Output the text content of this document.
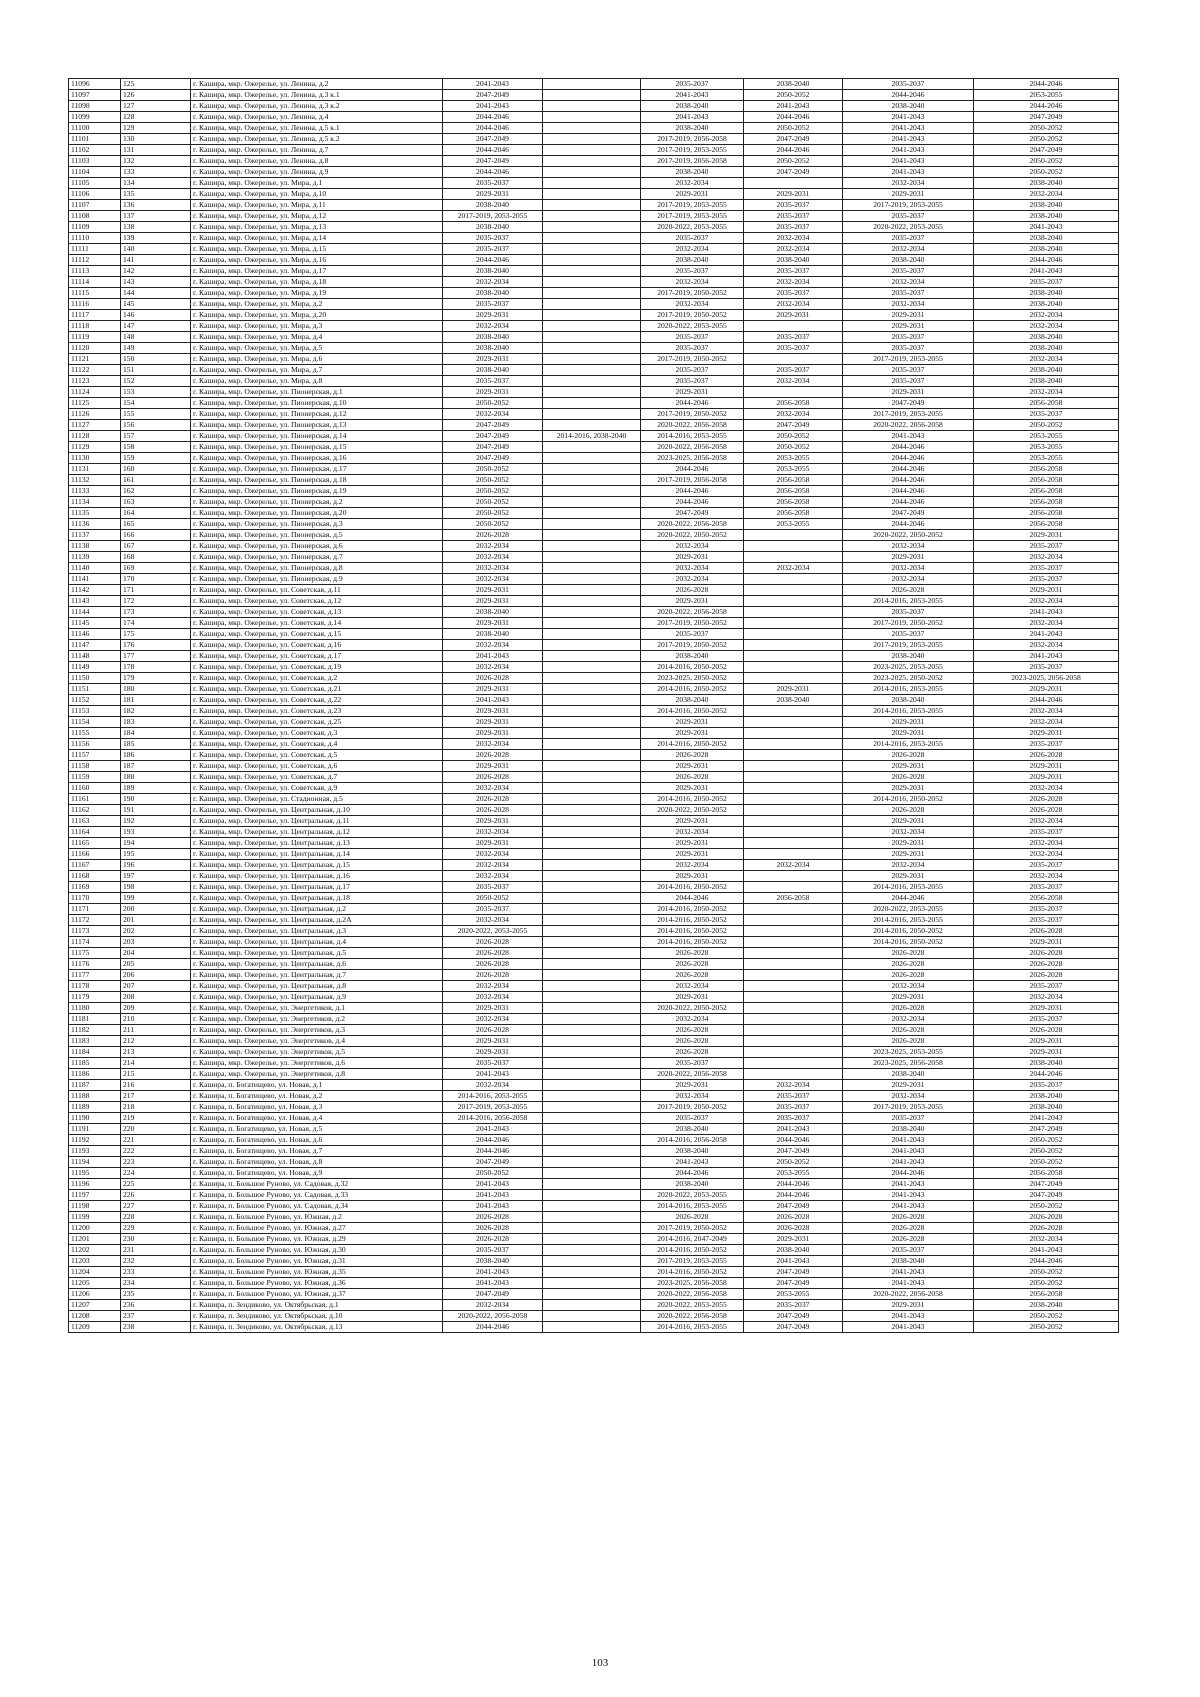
11096	125	г. Кашира, мкр. Ожерелье, ул. Ленина, д.2	2041-2043		2035-2037	2038-2040	2035-2037	2044-2046
11097	126	г. Кашира, мкр. Ожерелье, ул. Ленина, д.3 к.1	2047-2049		2041-2043	2050-2052	2044-2046	2053-2055
11098	127	г. Кашира, мкр. Ожерелье, ул. Ленина, д.3 к.2	2041-2043		2038-2040	2041-2043	2038-2040	2044-2046
11099	128	г. Кашира, мкр. Ожерелье, ул. Ленина, д.4	2044-2046		2041-2043	2044-2046	2041-2043	2047-2049
11100	129	г. Кашира, мкр. Ожерелье, ул. Ленина, д.5 к.1	2044-2046		2038-2040	2050-2052	2041-2043	2050-2052
11101	130	г. Кашира, мкр. Ожерелье, ул. Ленина, д.5 к.2	2047-2049		2017-2019, 2056-2058	2047-2049	2041-2043	2050-2052
11102	131	г. Кашира, мкр. Ожерелье, ул. Ленина, д.7	2044-2046		2017-2019, 2053-2055	2044-2046	2041-2043	2047-2049
11103	132	г. Кашира, мкр. Ожерелье, ул. Ленина, д.8	2047-2049		2017-2019, 2056-2058	2050-2052	2041-2043	2050-2052
11104	133	г. Кашира, мкр. Ожерелье, ул. Ленина, д.9	2044-2046		2038-2040	2047-2049	2041-2043	2050-2052
11105	134	г. Кашира, мкр. Ожерелье, ул. Мира, д.1	2035-2037		2032-2034		2032-2034	2038-2040
11106	135	г. Кашира, мкр. Ожерелье, ул. Мира, д.10	2029-2031		2029-2031	2029-2031	2029-2031	2032-2034
11107	136	г. Кашира, мкр. Ожерелье, ул. Мира, д.11	2038-2040		2017-2019, 2053-2055	2035-2037	2017-2019, 2053-2055	2038-2040
11108	137	г. Кашира, мкр. Ожерелье, ул. Мира, д.12	2017-2019, 2053-2055		2017-2019, 2053-2055	2035-2037	2035-2037	2038-2040
11109	138	г. Кашира, мкр. Ожерелье, ул. Мира, д.13	2038-2040		2020-2022, 2053-2055	2035-2037	2020-2022, 2053-2055	2041-2043
11110	139	г. Кашира, мкр. Ожерелье, ул. Мира, д.14	2035-2037		2035-2037	2032-2034	2035-2037	2038-2040
11111	140	г. Кашира, мкр. Ожерелье, ул. Мира, д.15	2035-2037		2032-2034	2032-2034	2032-2034	2038-2040
11112	141	г. Кашира, мкр. Ожерелье, ул. Мира, д.16	2044-2046		2038-2040	2038-2040	2038-2040	2044-2046
11113	142	г. Кашира, мкр. Ожерелье, ул. Мира, д.17	2038-2040		2035-2037	2035-2037	2035-2037	2041-2043
11114	143	г. Кашира, мкр. Ожерелье, ул. Мира, д.18	2032-2034		2032-2034	2032-2034	2032-2034	2035-2037
11115	144	г. Кашира, мкр. Ожерелье, ул. Мира, д.19	2038-2040		2017-2019, 2050-2052	2035-2037	2035-2037	2038-2040
11116	145	г. Кашира, мкр. Ожерелье, ул. Мира, д.2	2035-2037		2032-2034	2032-2034	2032-2034	2038-2040
11117	146	г. Кашира, мкр. Ожерелье, ул. Мира, д.20	2029-2031		2017-2019, 2050-2052	2029-2031	2029-2031	2032-2034
11118	147	г. Кашира, мкр. Ожерелье, ул. Мира, д.3	2032-2034		2020-2022, 2053-2055		2029-2031	2032-2034
11119	148	г. Кашира, мкр. Ожерелье, ул. Мира, д.4	2038-2040		2035-2037	2035-2037	2035-2037	2038-2040
11120	149	г. Кашира, мкр. Ожерелье, ул. Мира, д.5	2038-2040		2035-2037	2035-2037	2035-2037	2038-2040
11121	150	г. Кашира, мкр. Ожерелье, ул. Мира, д.6	2029-2031		2017-2019, 2050-2052		2017-2019, 2053-2055	2032-2034
11122	151	г. Кашира, мкр. Ожерелье, ул. Мира, д.7	2038-2040		2035-2037	2035-2037	2035-2037	2038-2040
11123	152	г. Кашира, мкр. Ожерелье, ул. Мира, д.8	2035-2037		2035-2037	2032-2034	2035-2037	2038-2040
11124	153	г. Кашира, мкр. Ожерелье, ул. Пионерская, д.1	2029-2031		2029-2031		2029-2031	2032-2034
11125	154	г. Кашира, мкр. Ожерелье, ул. Пионерская, д.10	2050-2052		2044-2046	2056-2058	2047-2049	2056-2058
11126	155	г. Кашира, мкр. Ожерелье, ул. Пионерская, д.12	2032-2034		2017-2019, 2050-2052	2032-2034	2017-2019, 2053-2055	2035-2037
11127	156	г. Кашира, мкр. Ожерелье, ул. Пионерская, д.13	2047-2049		2020-2022, 2056-2058	2047-2049	2020-2022, 2056-2058	2050-2052
11128	157	г. Кашира, мкр. Ожерелье, ул. Пионерская, д.14	2047-2049	2014-2016, 2038-2040	2014-2016, 2053-2055	2050-2052	2041-2043	2053-2055
11129	158	г. Кашира, мкр. Ожерелье, ул. Пионерская, д.15	2047-2049		2020-2022, 2056-2058	2050-2052	2044-2046	2053-2055
11130	159	г. Кашира, мкр. Ожерелье, ул. Пионерская, д.16	2047-2049		2023-2025, 2056-2058	2053-2055	2044-2046	2053-2055
11131	160	г. Кашира, мкр. Ожерелье, ул. Пионерская, д.17	2050-2052		2044-2046	2053-2055	2044-2046	2056-2058
11132	161	г. Кашира, мкр. Ожерелье, ул. Пионерская, д.18	2050-2052		2017-2019, 2056-2058	2056-2058	2044-2046	2056-2058
11133	162	г. Кашира, мкр. Ожерелье, ул. Пионерская, д.19	2050-2052		2044-2046	2056-2058	2044-2046	2056-2058
11134	163	г. Кашира, мкр. Ожерелье, ул. Пионерская, д.2	2050-2052		2044-2046	2056-2058	2044-2046	2056-2058
11135	164	г. Кашира, мкр. Ожерелье, ул. Пионерская, д.20	2050-2052		2047-2049	2056-2058	2047-2049	2056-2058
11136	165	г. Кашира, мкр. Ожерелье, ул. Пионерская, д.3	2050-2052		2020-2022, 2056-2058	2053-2055	2044-2046	2056-2058
11137	166	г. Кашира, мкр. Ожерелье, ул. Пионерская, д.5	2026-2028		2020-2022, 2050-2052		2020-2022, 2050-2052	2029-2031
11138	167	г. Кашира, мкр. Ожерелье, ул. Пионерская, д.6	2032-2034		2032-2034		2032-2034	2035-2037
11139	168	г. Кашира, мкр. Ожерелье, ул. Пионерская, д.7	2032-2034		2029-2031		2029-2031	2032-2034
11140	169	г. Кашира, мкр. Ожерелье, ул. Пионерская, д.8	2032-2034		2032-2034	2032-2034	2032-2034	2035-2037
11141	170	г. Кашира, мкр. Ожерелье, ул. Пионерская, д.9	2032-2034		2032-2034		2032-2034	2035-2037
11142	171	г. Кашира, мкр. Ожерелье, ул. Советская, д.11	2029-2031		2026-2028		2026-2028	2029-2031
11143	172	г. Кашира, мкр. Ожерелье, ул. Советская, д.12	2029-2031		2029-2031		2014-2016, 2053-2055	2032-2034
11144	173	г. Кашира, мкр. Ожерелье, ул. Советская, д.13	2038-2040		2020-2022, 2056-2058		2035-2037	2041-2043
11145	174	г. Кашира, мкр. Ожерелье, ул. Советская, д.14	2029-2031		2017-2019, 2050-2052		2017-2019, 2050-2052	2032-2034
11146	175	г. Кашира, мкр. Ожерелье, ул. Советская, д.15	2038-2040		2035-2037		2035-2037	2041-2043
11147	176	г. Кашира, мкр. Ожерелье, ул. Советская, д.16	2032-2034		2017-2019, 2050-2052		2017-2019, 2053-2055	2032-2034
11148	177	г. Кашира, мкр. Ожерелье, ул. Советская, д.17	2041-2043		2038-2040		2038-2040	2041-2043
11149	178	г. Кашира, мкр. Ожерелье, ул. Советская, д.19	2032-2034		2014-2016, 2050-2052		2023-2025, 2053-2055	2035-2037
11150	179	г. Кашира, мкр. Ожерелье, ул. Советская, д.2	2026-2028		2023-2025, 2050-2052		2023-2025, 2050-2052	2023-2025, 2056-2058
11151	180	г. Кашира, мкр. Ожерелье, ул. Советская, д.21	2029-2031		2014-2016, 2050-2052	2029-2031	2014-2016, 2053-2055	2029-2031
11152	181	г. Кашира, мкр. Ожерелье, ул. Советская, д.22	2041-2043		2038-2040	2038-2040	2038-2040	2044-2046
11153	182	г. Кашира, мкр. Ожерелье, ул. Советская, д.23	2029-2031		2014-2016, 2050-2052		2014-2016, 2053-2055	2032-2034
11154	183	г. Кашира, мкр. Ожерелье, ул. Советская, д.25	2029-2031		2029-2031		2029-2031	2032-2034
11155	184	г. Кашира, мкр. Ожерелье, ул. Советская, д.3	2029-2031		2029-2031		2029-2031	2029-2031
11156	185	г. Кашира, мкр. Ожерелье, ул. Советская, д.4	2032-2034		2014-2016, 2050-2052		2014-2016, 2053-2055	2035-2037
11157	186	г. Кашира, мкр. Ожерелье, ул. Советская, д.5	2026-2028		2026-2028		2026-2028	2026-2028
11158	187	г. Кашира, мкр. Ожерелье, ул. Советская, д.6	2029-2031		2029-2031		2029-2031	2029-2031
11159	188	г. Кашира, мкр. Ожерелье, ул. Советская, д.7	2026-2028		2026-2028		2026-2028	2029-2031
11160	189	г. Кашира, мкр. Ожерелье, ул. Советская, д.9	2032-2034		2029-2031		2029-2031	2032-2034
11161	190	г. Кашира, мкр. Ожерелье, ул. Стадионная, д.5	2026-2028		2014-2016, 2050-2052		2014-2016, 2050-2052	2026-2028
11162	191	г. Кашира, мкр. Ожерелье, ул. Центральная, д.10	2026-2028		2020-2022, 2050-2052		2026-2028	2026-2028
11163	192	г. Кашира, мкр. Ожерелье, ул. Центральная, д.11	2029-2031		2029-2031		2029-2031	2032-2034
11164	193	г. Кашира, мкр. Ожерелье, ул. Центральная, д.12	2032-2034		2032-2034		2032-2034	2035-2037
11165	194	г. Кашира, мкр. Ожерелье, ул. Центральная, д.13	2029-2031		2029-2031		2029-2031	2032-2034
11166	195	г. Кашира, мкр. Ожерелье, ул. Центральная, д.14	2032-2034		2029-2031		2029-2031	2032-2034
11167	196	г. Кашира, мкр. Ожерелье, ул. Центральная, д.15	2032-2034		2032-2034	2032-2034	2032-2034	2035-2037
11168	197	г. Кашира, мкр. Ожерелье, ул. Центральная, д.16	2032-2034		2029-2031		2029-2031	2032-2034
11169	198	г. Кашира, мкр. Ожерелье, ул. Центральная, д.17	2035-2037		2014-2016, 2050-2052		2014-2016, 2053-2055	2035-2037
11170	199	г. Кашира, мкр. Ожерелье, ул. Центральная, д.18	2050-2052		2044-2046	2056-2058	2044-2046	2056-2058
11171	200	г. Кашира, мкр. Ожерелье, ул. Центральная, д.2	2035-2037		2014-2016, 2050-2052		2020-2022, 2053-2055	2035-2037
11172	201	г. Кашира, мкр. Ожерелье, ул. Центральная, д.2А	2032-2034		2014-2016, 2050-2052		2014-2016, 2053-2055	2035-2037
11173	202	г. Кашира, мкр. Ожерелье, ул. Центральная, д.3	2020-2022, 2053-2055		2014-2016, 2050-2052		2014-2016, 2050-2052	2026-2028
11174	203	г. Кашира, мкр. Ожерелье, ул. Центральная, д.4	2026-2028		2014-2016, 2050-2052		2014-2016, 2050-2052	2029-2031
11175	204	г. Кашира, мкр. Ожерелье, ул. Центральная, д.5	2026-2028		2026-2028		2026-2028	2026-2028
11176	205	г. Кашира, мкр. Ожерелье, ул. Центральная, д.6	2026-2028		2026-2028		2026-2028	2026-2028
11177	206	г. Кашира, мкр. Ожерелье, ул. Центральная, д.7	2026-2028		2026-2028		2026-2028	2026-2028
11178	207	г. Кашира, мкр. Ожерелье, ул. Центральная, д.8	2032-2034		2032-2034		2032-2034	2035-2037
11179	208	г. Кашира, мкр. Ожерелье, ул. Центральная, д.9	2032-2034		2029-2031		2029-2031	2032-2034
11180	209	г. Кашира, мкр. Ожерелье, ул. Энергетиков, д.1	2029-2031		2020-2022, 2050-2052		2026-2028	2029-2031
11181	210	г. Кашира, мкр. Ожерелье, ул. Энергетиков, д.2	2032-2034		2032-2034		2032-2034	2035-2037
11182	211	г. Кашира, мкр. Ожерелье, ул. Энергетиков, д.3	2026-2028		2026-2028		2026-2028	2026-2028
11183	212	г. Кашира, мкр. Ожерелье, ул. Энергетиков, д.4	2029-2031		2026-2028		2026-2028	2029-2031
11184	213	г. Кашира, мкр. Ожерелье, ул. Энергетиков, д.5	2029-2031		2026-2028		2023-2025, 2053-2055	2029-2031
11185	214	г. Кашира, мкр. Ожерелье, ул. Энергетиков, д.6	2035-2037		2035-2037		2023-2025, 2056-2058	2038-2040
11186	215	г. Кашира, мкр. Ожерелье, ул. Энергетиков, д.8	2041-2043		2020-2022, 2056-2058		2038-2040	2044-2046
11187	216	г. Кашира, п. Богатищево, ул. Новая, д.1	2032-2034		2029-2031	2032-2034	2029-2031	2035-2037
11188	217	г. Кашира, п. Богатищево, ул. Новая, д.2	2014-2016, 2053-2055		2032-2034	2035-2037	2032-2034	2038-2040
11189	218	г. Кашира, п. Богатищево, ул. Новая, д.3	2017-2019, 2053-2055		2017-2019, 2050-2052	2035-2037	2017-2019, 2053-2055	2038-2040
11190	219	г. Кашира, п. Богатищево, ул. Новая, д.4	2014-2016, 2056-2058		2035-2037	2035-2037	2035-2037	2041-2043
11191	220	г. Кашира, п. Богатищево, ул. Новая, д.5	2041-2043		2038-2040	2041-2043	2038-2040	2047-2049
11192	221	г. Кашира, п. Богатищево, ул. Новая, д.6	2044-2046		2014-2016, 2056-2058	2044-2046	2041-2043	2050-2052
11193	222	г. Кашира, п. Богатищево, ул. Новая, д.7	2044-2046		2038-2040	2047-2049	2041-2043	2050-2052
11194	223	г. Кашира, п. Богатищево, ул. Новая, д.8	2047-2049		2041-2043	2050-2052	2041-2043	2050-2052
11195	224	г. Кашира, п. Богатищево, ул. Новая, д.9	2050-2052		2044-2046	2053-2055	2044-2046	2056-2058
11196	225	г. Кашира, п. Большое Руново, ул. Садовая, д.32	2041-2043		2038-2040	2044-2046	2041-2043	2047-2049
11197	226	г. Кашира, п. Большое Руново, ул. Садовая, д.33	2041-2043		2020-2022, 2053-2055	2044-2046	2041-2043	2047-2049
11198	227	г. Кашира, п. Большое Руново, ул. Садовая, д.34	2041-2043		2014-2016, 2053-2055	2047-2049	2041-2043	2050-2052
11199	228	г. Кашира, п. Большое Руново, ул. Южная, д.2	2026-2028		2026-2028	2026-2028	2026-2028	2026-2028
11200	229	г. Кашира, п. Большое Руново, ул. Южная, д.27	2026-2028		2017-2019, 2050-2052	2026-2028	2026-2028	2026-2028
11201	230	г. Кашира, п. Большое Руново, ул. Южная, д.29	2026-2028		2014-2016, 2047-2049	2029-2031	2026-2028	2032-2034
11202	231	г. Кашира, п. Большое Руново, ул. Южная, д.30	2035-2037		2014-2016, 2050-2052	2038-2040	2035-2037	2041-2043
11203	232	г. Кашира, п. Большое Руново, ул. Южная, д.31	2038-2040		2017-2019, 2053-2055	2041-2043	2038-2040	2044-2046
11204	233	г. Кашира, п. Большое Руново, ул. Южная, д.35	2041-2043		2014-2016, 2050-2052	2047-2049	2041-2043	2050-2052
11205	234	г. Кашира, п. Большое Руново, ул. Южная, д.36	2041-2043		2023-2025, 2056-2058	2047-2049	2041-2043	2050-2052
11206	235	г. Кашира, п. Большое Руново, ул. Южная, д.37	2047-2049		2020-2022, 2056-2058	2053-2055	2020-2022, 2056-2058	2056-2058
11207	236	г. Кашира, п. Зендиково, ул. Октябрьская, д.1	2032-2034		2020-2022, 2053-2055	2035-2037	2029-2031	2038-2040
11208	237	г. Кашира, п. Зендиково, ул. Октябрьская, д.10	2020-2022, 2056-2058		2020-2022, 2056-2058	2047-2049	2041-2043	2050-2052
11209	238	г. Кашира, п. Зендиково, ул. Октябрьская, д.13	2044-2046		2014-2016, 2053-2055	2047-2049	2041-2043	2050-2052
103
